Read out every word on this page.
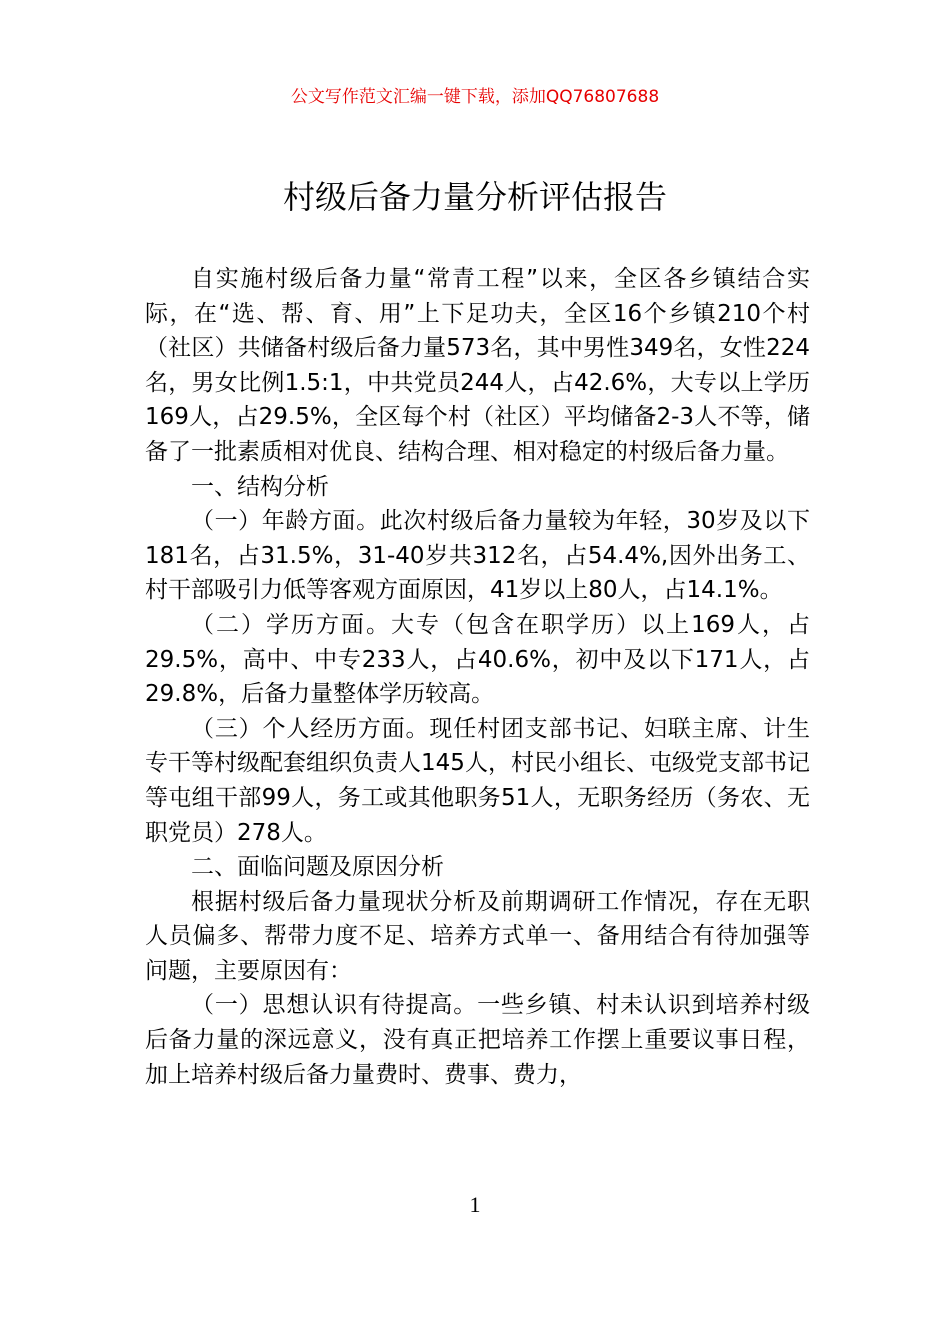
公文写作范文汇编一键下载，添加QQ76807688
村级后备力量分析评估报告

自实施村级后备力量“常青工程”以来，全区各乡镇结合实际，在“选、帮、育、用”上下足功夫，全区16个乡镇210个村（社区）共储备村级后备力量573名，其中男性349名，女性224名，男女比例1.5:1，中共党员244人，占42.6%，大专以上学历169人，占29.5%，全区每个村（社区）平均储备2-3人不等，储备了一批素质相对优良、结构合理、相对稳定的村级后备力量。

一、结构分析

（一）年龄方面。此次村级后备力量较为年轻，30岁及以下181名，占31.5%，31-40岁共312名，占54.4%,因外出务工、村干部吸引力低等客观方面原因，41岁以上80人，占14.1%。

（二）学历方面。大专（包含在职学历）以上169人，占29.5%，高中、中专233人，占40.6%，初中及以下171人，占29.8%，后备力量整体学历较高。

（三）个人经历方面。现任村团支部书记、妇联主席、计生专干等村级配套组织负责人145人，村民小组长、屯级党支部书记等屯组干部99人，务工或其他职务51人，无职务经历（务农、无职党员）278人。

二、面临问题及原因分析

根据村级后备力量现状分析及前期调研工作情况，存在无职人员偏多、帮带力度不足、培养方式单一、备用结合有待加强等问题，主要原因有：

（一）思想认识有待提高。一些乡镇、村未认识到培养村级后备力量的深远意义，没有真正把培养工作摆上重要议事日程，加上培养村级后备力量费时、费事、费力，

1
